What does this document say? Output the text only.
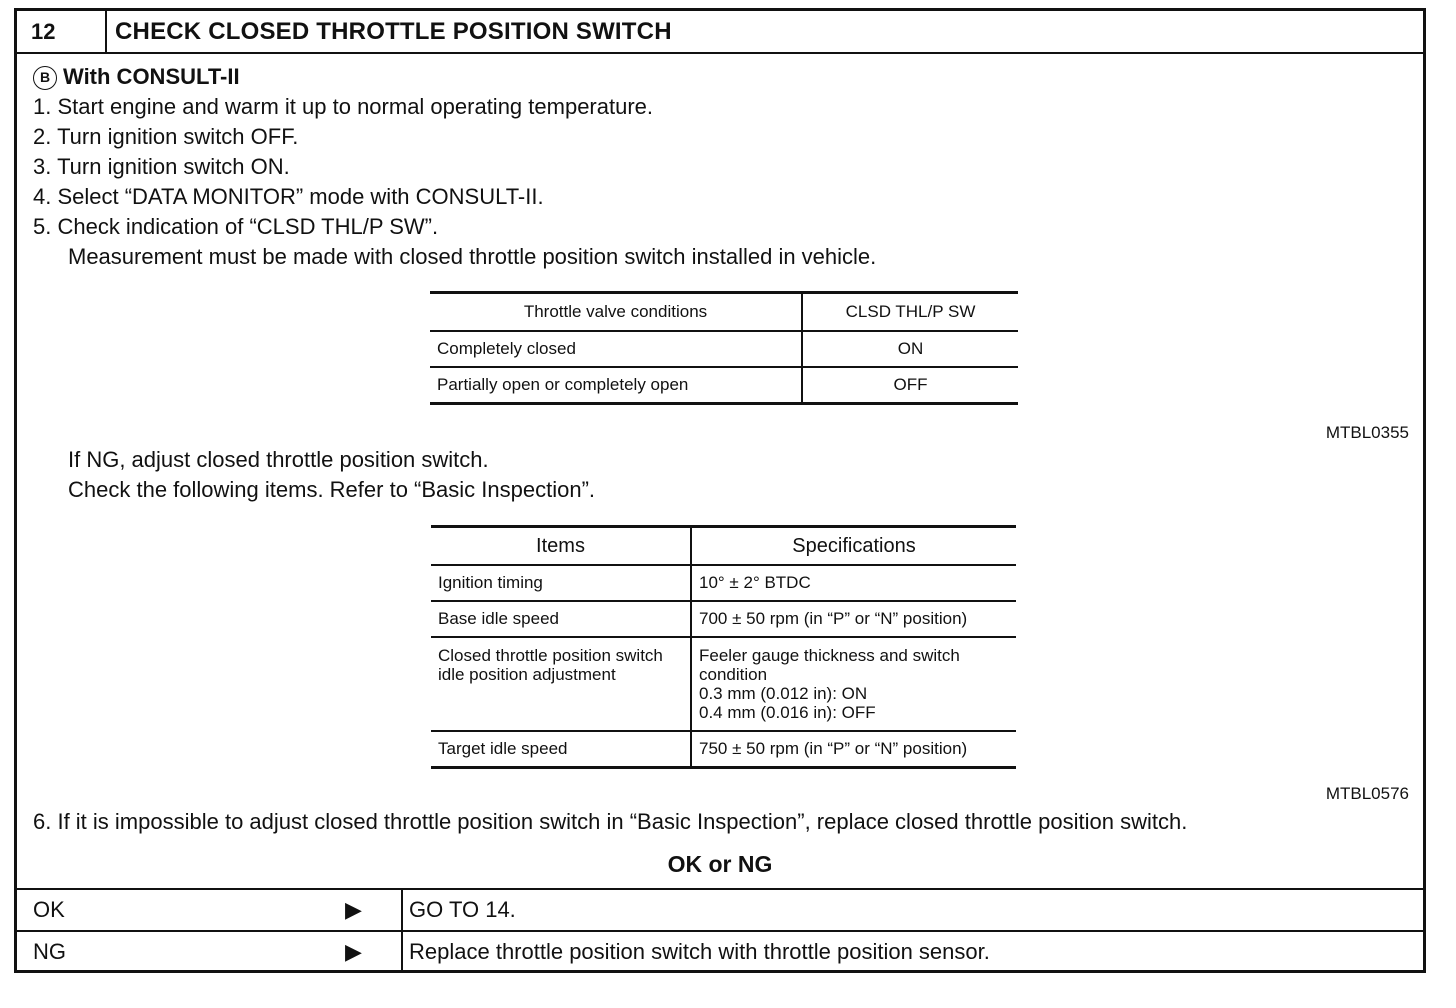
12	CHECK CLOSED THROTTLE POSITION SWITCH
B With CONSULT-II
1. Start engine and warm it up to normal operating temperature.
2. Turn ignition switch OFF.
3. Turn ignition switch ON.
4. Select “DATA MONITOR” mode with CONSULT-II.
5. Check indication of “CLSD THL/P SW”.
Measurement must be made with closed throttle position switch installed in vehicle.
Throttle valve conditions	CLSD THL/P SW
Completely closed	ON
Partially open or completely open	OFF
MTBL0355
If NG, adjust closed throttle position switch.
Check the following items. Refer to “Basic Inspection”.
Items	Specifications
Ignition timing	10° ± 2° BTDC
Base idle speed	700 ± 50 rpm (in “P” or “N” position)
Closed throttle position switch idle position adjustment	Feeler gauge thickness and switch condition
0.3 mm (0.012 in): ON
0.4 mm (0.016 in): OFF
Target idle speed	750 ± 50 rpm (in “P” or “N” position)
MTBL0576
6. If it is impossible to adjust closed throttle position switch in “Basic Inspection”, replace closed throttle position switch.
OK or NG
OK	▶ GO TO 14.
NG	▶ Replace throttle position switch with throttle position sensor.
